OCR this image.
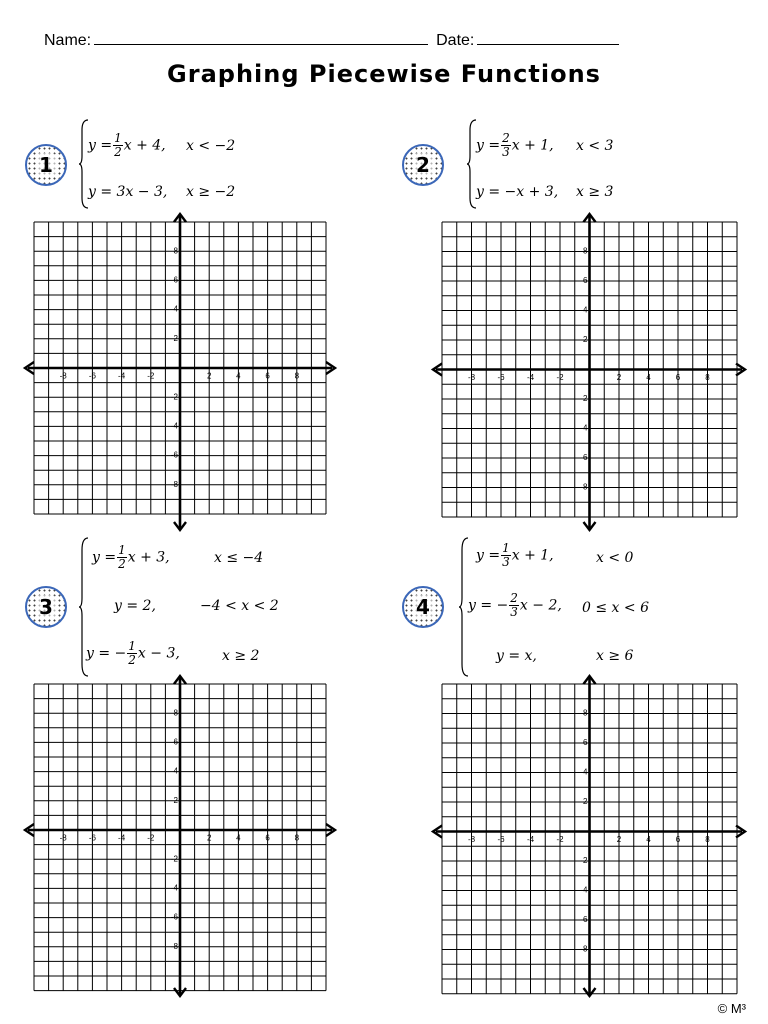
Name:	Date:
Graphing Piecewise Functions
1
$y = \frac{1}{2}$ x + 4, x < −2
y = 3x − 3, x ≥ −2
2
$y = \frac{2}{3}$ x + 1, x < 3
y = −x + 3, x ≥ 3
3
$y = \frac{1}{2}$ x + 3,	x ≤ −4
y = 2,	−4 < x < 2
y = − $\frac{1}{2}$ x − 3,	x ≥ 2
4
$y = \frac{1}{3}$ x + 1,	x < 0
y = − $\frac{2}{3}$ x − 2, 0 ≤ x < 6
y = x,	x ≥ 6
-8	-6	-4	-2	2	4	6	8
8
6
4
2
-2
-4
-6
-8
-8	-6	-4	-2	2	4	6	8
8
6
4
2
-2
-4
-6
-8
-8	-6	-4	-2	2	4	6	8
8
6
4
2
-2
-4
-6
-8
-8	-6	-4	-2	2	4	6	8
8
6
4
2
-2
-4
-6
-8
© M³
